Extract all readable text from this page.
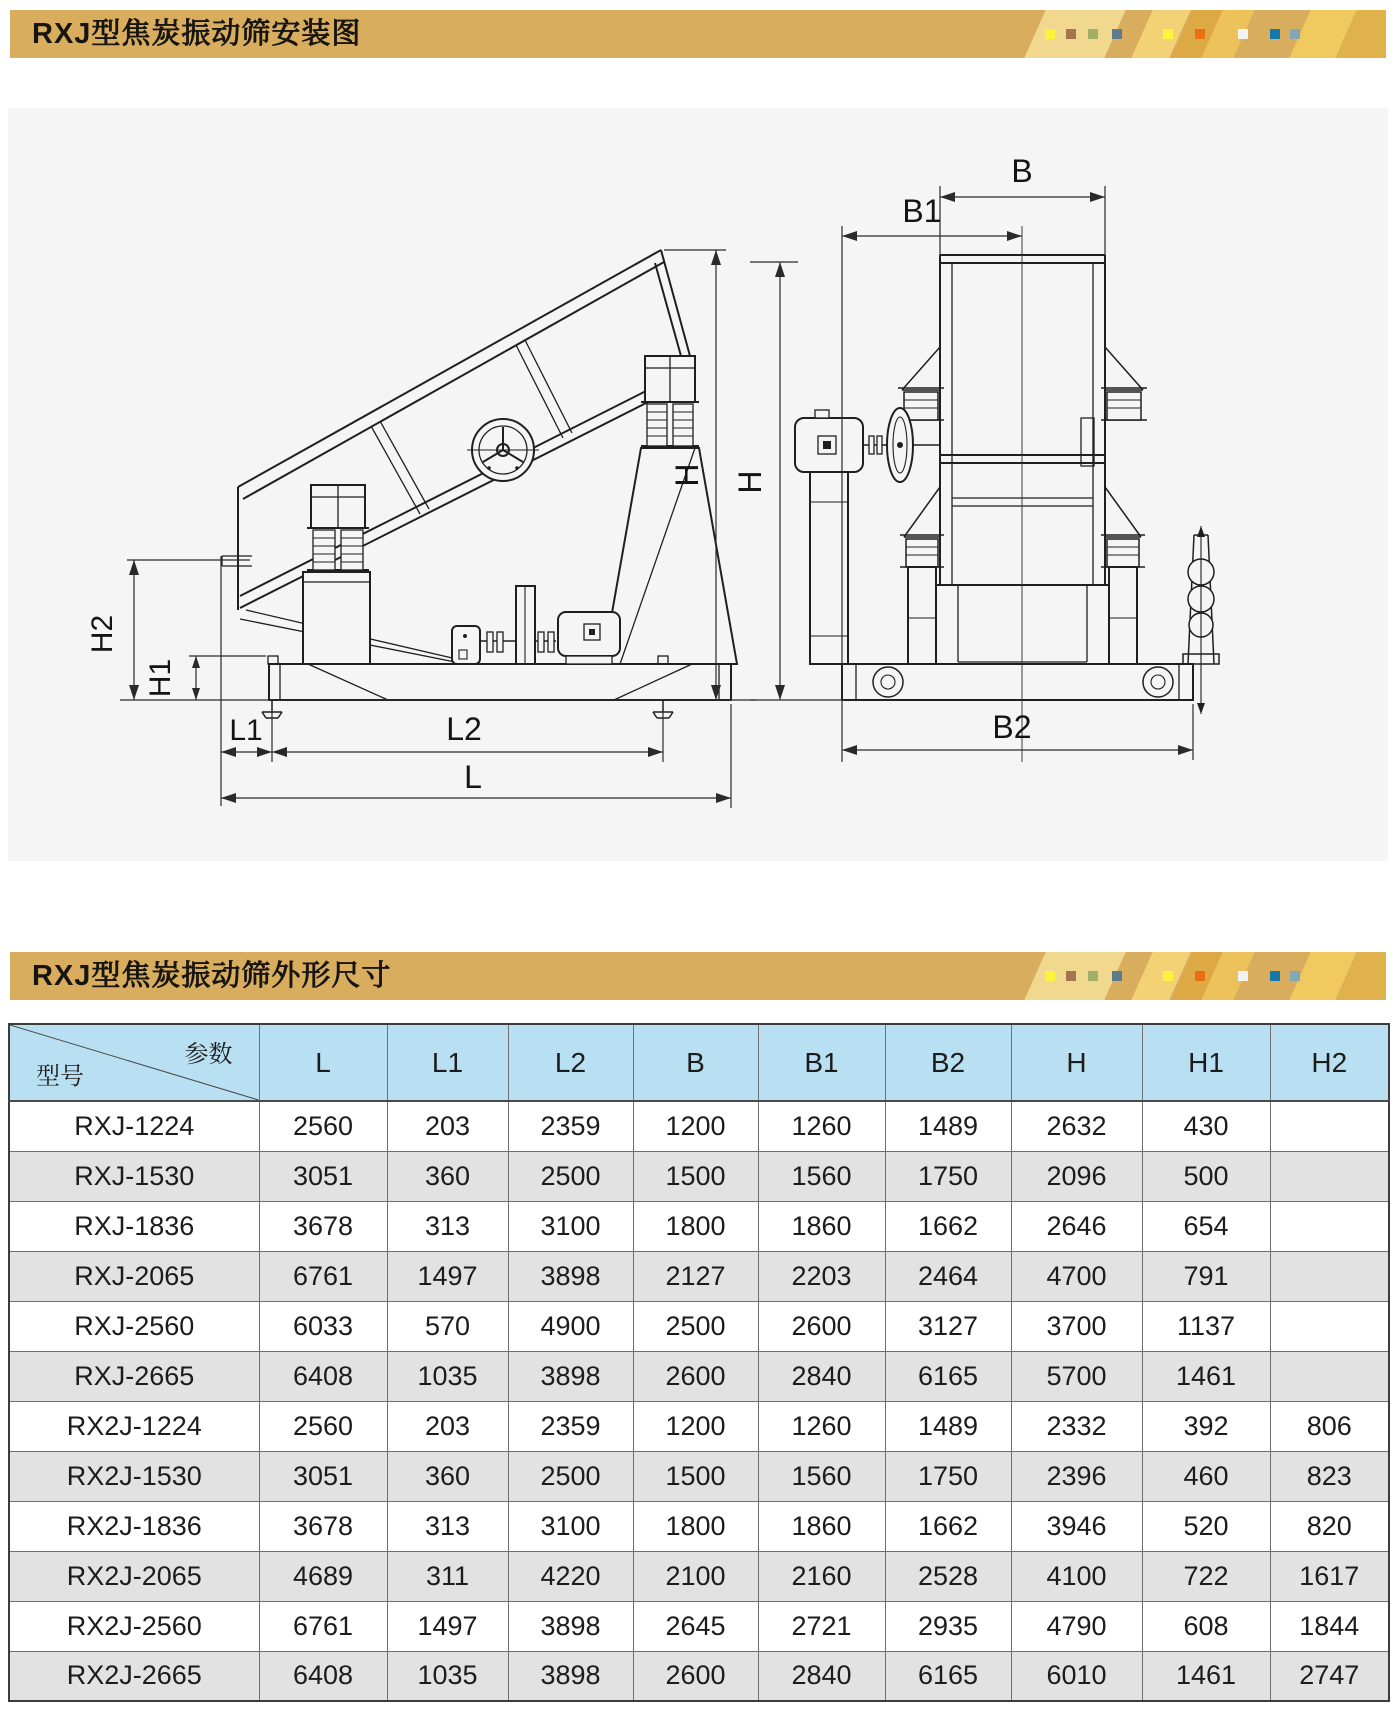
RXJ型焦炭振动筛安装图
H2
H1
H
L1	L2
L
B
B1
H
B2
RXJ型焦炭振动筛外形尺寸
参数
型号	L	L1	L2	B	B1	B2	H	H1	H2
RXJ-1224	2560	203	2359	1200	1260	1489	2632	430	
RXJ-1530	3051	360	2500	1500	1560	1750	2096	500	
RXJ-1836	3678	313	3100	1800	1860	1662	2646	654	
RXJ-2065	6761	1497	3898	2127	2203	2464	4700	791	
RXJ-2560	6033	570	4900	2500	2600	3127	3700	1137	
RXJ-2665	6408	1035	3898	2600	2840	6165	5700	1461	
RX2J-1224	2560	203	2359	1200	1260	1489	2332	392	806
RX2J-1530	3051	360	2500	1500	1560	1750	2396	460	823
RX2J-1836	3678	313	3100	1800	1860	1662	3946	520	820
RX2J-2065	4689	311	4220	2100	2160	2528	4100	722	1617
RX2J-2560	6761	1497	3898	2645	2721	2935	4790	608	1844
RX2J-2665	6408	1035	3898	2600	2840	6165	6010	1461	2747
